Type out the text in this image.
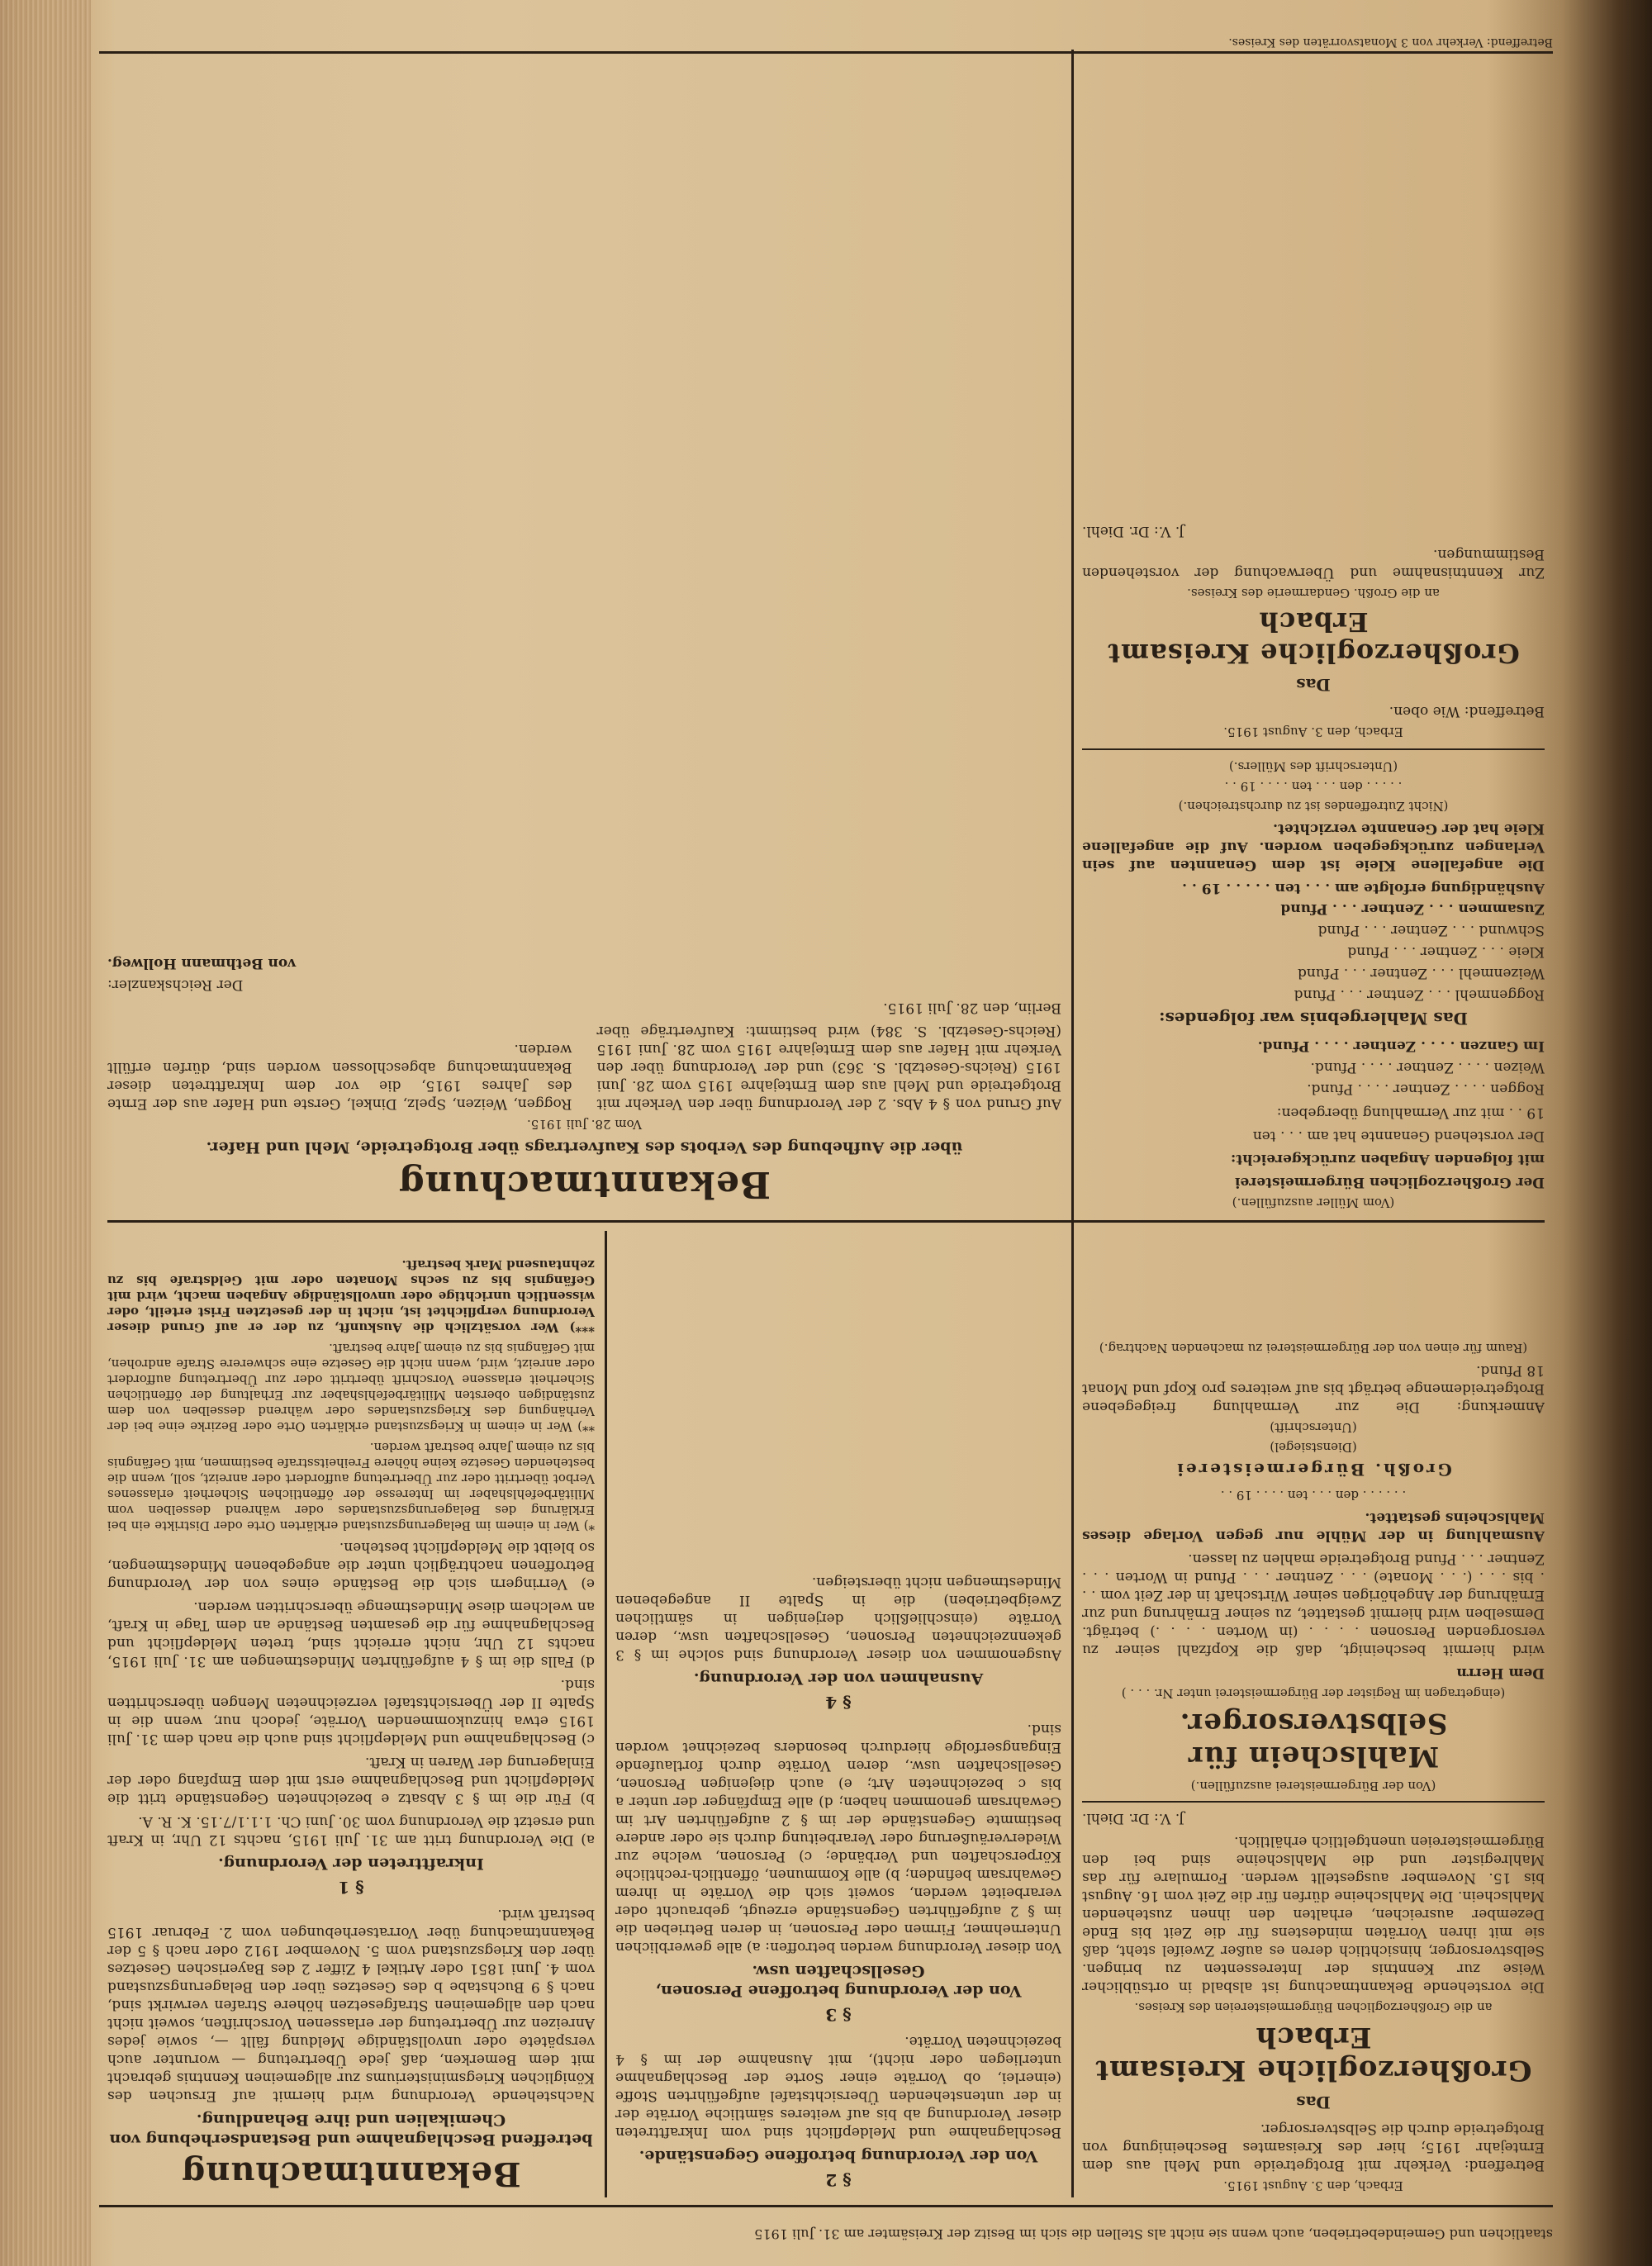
staatlichen und Gemeindebetrieben, auch wenn sie nicht als Stellen die sich im Besitz der Kreisämter am 31. Juli 1915
Erbach, den 3. August 1915.
Betreffend: Verkehr mit Brotgetreide und Mehl aus dem Erntejahr 1915; hier des Kreisamtes Bescheinigung von Brotgetreide durch die Selbstversorger.
Das
Großherzogliche Kreisamt Erbach
an die Großherzoglichen Bürgermeistereien des Kreises.
Die vorstehende Bekanntmachung ist alsbald in ortsüblicher Weise zur Kenntnis der Interessenten zu bringen. Selbstversorger, hinsichtlich deren es außer Zweifel steht, daß sie mit ihren Vorräten mindestens für die Zeit bis Ende Dezember ausreichen, erhalten den ihnen zustehenden Mahlschein. Die Mahlscheine dürfen für die Zeit vom 16. August bis 15. November ausgestellt werden. Formulare für das Mahlregister und die Mahlscheine sind bei den Bürgermeistereien unentgeltlich erhältlich.
J. V.: Dr. Diehl.
(Von der Bürgermeisterei auszufüllen.)
Mahlschein für Selbstversorger.
(eingetragen im Register der Bürgermeisterei unter Nr. . . . )
Dem Herrn
wird hiermit bescheinigt, daß die Kopfzahl seiner zu versorgenden Personen . . . . (in Worten . . . .) beträgt. Demselben wird hiermit gestattet, zu seiner Ernährung und zur Ernährung der Angehörigen seiner Wirtschaft in der Zeit vom . . . bis . . . (. . . Monate) . . . Zentner . . . Pfund in Worten . . . Zentner . . . Pfund Brotgetreide mahlen zu lassen.
Ausmahlung in der Mühle nur gegen Vorlage dieses Mahlscheins gestattet.
. . . . . . den . . . ten . . . . 19 . .
Großh. Bürgermeisterei
(Dienstsiegel)
(Unterschrift)
Anmerkung: Die zur Vermahlung freigegebene Brotgetreidemenge beträgt bis auf weiteres pro Kopf und Monat 18 Pfund.
(Raum für einen von der Bürgermeisterei zu machenden Nachtrag.)
(Vom Müller auszufüllen.)
Der Großherzoglichen Bürgermeisterei
mit folgenden Angaben zurückgereicht:
Der vorstehend Genannte hat am . . . ten
19 . . mit zur Vermahlung übergeben:
Roggen . . . . Zentner . . . . Pfund.
Weizen . . . . Zentner . . . . Pfund.
Im Ganzen . . . . Zentner . . . . Pfund.
Das Mahlergebnis war folgendes:
Roggenmehl . . . Zentner . . . Pfund
Weizenmehl . . . Zentner . . . Pfund
Kleie . . . Zentner . . . Pfund
Schwund . . . Zentner . . . Pfund
Zusammen . . . Zentner . . . Pfund
Aushändigung erfolgte am . . . ten . . . . . 19 . .
Die angefallene Kleie ist dem Genannten auf sein Verlangen zurückgegeben worden. Auf die angefallene Kleie hat der Genannte verzichtet.
(Nicht Zutreffendes ist zu durchstreichen.)
. . . . . den . . . ten . . . . 19 . .
(Unterschrift des Müllers.)
Erbach, den 3. August 1915.
Betreffend: Wie oben.
Das
Großherzogliche Kreisamt Erbach
an die Großh. Gendarmerie des Kreises.
Zur Kenntnisnahme und Überwachung der vorstehenden Bestimmungen.
J. V.: Dr. Diehl.
§ 2
Von der Verordnung betroffene Gegenstände.
Beschlagnahme und Meldepflicht sind vom Inkrafttreten dieser Verordnung ab bis auf weiteres sämtliche Vorräte der in der untenstehenden Übersichtstafel aufgeführten Stoffe (einerlei, ob Vorräte einer Sorte der Beschlagnahme unterliegen oder nicht), mit Ausnahme der im § 4 bezeichneten Vorräte.
§ 3
Von der Verordnung betroffene Personen, Gesellschaften usw.
Von dieser Verordnung werden betroffen: a) alle gewerblichen Unternehmer, Firmen oder Personen, in deren Betrieben die im § 2 aufgeführten Gegenstände erzeugt, gebraucht oder verarbeitet werden, soweit sich die Vorräte in ihrem Gewahrsam befinden; b) alle Kommunen, öffentlich-rechtliche Körperschaften und Verbände; c) Personen, welche zur Wiederveräußerung oder Verarbeitung durch sie oder andere bestimmte Gegenstände der im § 2 aufgeführten Art im Gewahrsam genommen haben; d) alle Empfänger der unter a bis c bezeichneten Art; e) auch diejenigen Personen, Gesellschaften usw., deren Vorräte durch fortlaufende Eingangserfolge hierdurch besonders bezeichnet worden sind.
§ 4
Ausnahmen von der Verordnung.
Ausgenommen von dieser Verordnung sind solche im § 3 gekennzeichneten Personen, Gesellschaften usw., deren Vorräte (einschließlich derjenigen in sämtlichen Zweigbetrieben) die in Spalte II angegebenen Mindestmengen nicht übersteigen.
Bekanntmachung
betreffend Beschlagnahme und Bestandserhebung von Chemikalien und ihre Behandlung.
Nachstehende Verordnung wird hiermit auf Ersuchen des Königlichen Kriegsministeriums zur allgemeinen Kenntnis gebracht mit dem Bemerken, daß jede Übertretung — worunter auch verspätete oder unvollständige Meldung fällt —, sowie jedes Anreizen zur Übertretung der erlassenen Vorschriften, soweit nicht nach den allgemeinen Strafgesetzen höhere Strafen verwirkt sind, nach § 9 Buchstabe b des Gesetzes über den Belagerungszustand vom 4. Juni 1851 oder Artikel 4 Ziffer 2 des Bayerischen Gesetzes über den Kriegszustand vom 5. November 1912 oder nach § 5 der Bekanntmachung über Vorratserhebungen vom 2. Februar 1915 bestraft wird.
§ 1
Inkrafttreten der Verordnung.
a) Die Verordnung tritt am 31. Juli 1915, nachts 12 Uhr, in Kraft und ersetzt die Verordnung vom 30. Juni Ch. 1.1.1/7.15. K. R. A.
b) Für die im § 3 Absatz e bezeichneten Gegenstände tritt die Meldepflicht und Beschlagnahme erst mit dem Empfang oder der Einlagerung der Waren in Kraft.
c) Beschlagnahme und Meldepflicht sind auch die nach dem 31. Juli 1915 etwa hinzukommenden Vorräte, jedoch nur, wenn die in Spalte II der Übersichtstafel verzeichneten Mengen überschritten sind.
d) Falls die im § 4 aufgeführten Mindestmengen am 31. Juli 1915, nachts 12 Uhr, nicht erreicht sind, treten Meldepflicht und Beschlagnahme für die gesamten Bestände an dem Tage in Kraft, an welchem diese Mindestmenge überschritten werden.
e) Verringern sich die Bestände eines von der Verordnung Betroffenen nachträglich unter die angegebenen Mindestmengen, so bleibt die Meldepflicht bestehen.
*) Wer in einem im Belagerungszustand erklärten Orte oder Distrikte ein bei Erklärung des Belagerungszustandes oder während desselben vom Militärbefehlshaber im Interesse der öffentlichen Sicherheit erlassenes Verbot übertritt oder zur Übertretung auffordert oder anreizt, soll, wenn die bestehenden Gesetze keine höhere Freiheitsstrafe bestimmen, mit Gefängnis bis zu einem Jahre bestraft werden.
**) Wer in einem in Kriegszustand erklärten Orte oder Bezirke eine bei der Verhängung des Kriegszustandes oder während desselben von dem zuständigen obersten Militärbefehlshaber zur Erhaltung der öffentlichen Sicherheit erlassene Vorschrift übertritt oder zur Übertretung auffordert oder anreizt, wird, wenn nicht die Gesetze eine schwerere Strafe androhen, mit Gefängnis bis zu einem Jahre bestraft.
***) Wer vorsätzlich die Auskunft, zu der er auf Grund dieser Verordnung verpflichtet ist, nicht in der gesetzten Frist erteilt, oder wissentlich unrichtige oder unvollständige Angaben macht, wird mit Gefängnis bis zu sechs Monaten oder mit Geldstrafe bis zu zehntausend Mark bestraft.
Bekanntmachung
über die Aufhebung des Verbots des Kaufvertrags über Brotgetreide, Mehl und Hafer.
Vom 28. Juli 1915.
Auf Grund von § 4 Abs. 2 der Verordnung über den Verkehr mit Brotgetreide und Mehl aus dem Erntejahre 1915 vom 28. Juni 1915 (Reichs-Gesetzbl. S. 363) und der Verordnung über den Verkehr mit Hafer aus dem Erntejahre 1915 vom 28. Juni 1915 (Reichs-Gesetzbl. S. 384) wird bestimmt: Kaufverträge über Roggen, Weizen, Spelz, Dinkel, Gerste und Hafer aus der Ernte des Jahres 1915, die vor dem Inkrafttreten dieser Bekanntmachung abgeschlossen worden sind, dürfen erfüllt werden.
Berlin, den 28. Juli 1915.
Der Reichskanzler:
von Bethmann Hollweg.
Betreffend: Verkehr von 3 Monatsvorräten des Kreises.
